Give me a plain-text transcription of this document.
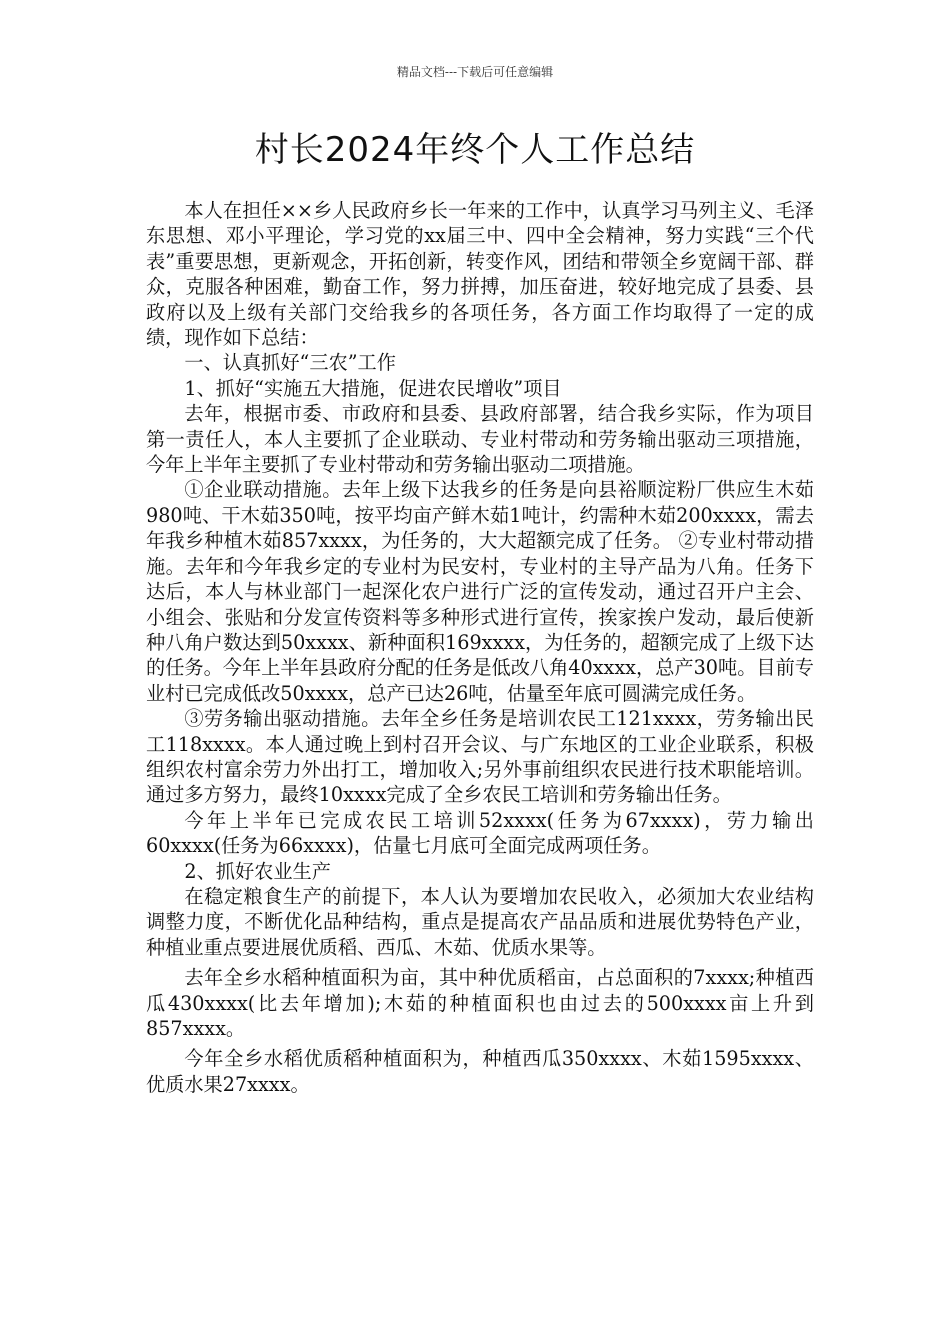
精品文档---下载后可任意编辑
村长2024年终个人工作总结

本人在担任××乡人民政府乡长一年来的工作中，认真学习马列主义、毛泽东思想、邓小平理论，学习党的xx届三中、四中全会精神，努力实践“三个代表”重要思想，更新观念，开拓创新，转变作风，团结和带领全乡宽阔干部、群众，克服各种困难，勤奋工作，努力拼搏，加压奋进，较好地完成了县委、县政府以及上级有关部门交给我乡的各项任务，各方面工作均取得了一定的成绩，现作如下总结：

一、认真抓好“三农”工作

1、抓好“实施五大措施，促进农民增收”项目

去年，根据市委、市政府和县委、县政府部署，结合我乡实际，作为项目第一责任人，本人主要抓了企业联动、专业村带动和劳务输出驱动三项措施，今年上半年主要抓了专业村带动和劳务输出驱动二项措施。

①企业联动措施。去年上级下达我乡的任务是向县裕顺淀粉厂供应生木茹980吨、干木茹350吨，按平均亩产鲜木茹1吨计，约需种木茹200xxxx，需去年我乡种植木茹857xxxx，为任务的，大大超额完成了任务。 ②专业村带动措施。去年和今年我乡定的专业村为民安村，专业村的主导产品为八角。任务下达后，本人与林业部门一起深化农户进行广泛的宣传发动，通过召开户主会、小组会、张贴和分发宣传资料等多种形式进行宣传，挨家挨户发动，最后使新种八角户数达到50xxxx、新种面积169xxxx，为任务的，超额完成了上级下达的任务。今年上半年县政府分配的任务是低改八角40xxxx，总产30吨。目前专业村已完成低改50xxxx，总产已达26吨，估量至年底可圆满完成任务。

③劳务输出驱动措施。去年全乡任务是培训农民工121xxxx，劳务输出民工118xxxx。本人通过晚上到村召开会议、与广东地区的工业企业联系，积极组织农村富余劳力外出打工，增加收入;另外事前组织农民进行技术职能培训。通过多方努力，最终10xxxx完成了全乡农民工培训和劳务输出任务。

今年上半年已完成农民工培训52xxxx(任务为67xxxx)，劳力输出60xxxx(任务为66xxxx)，估量七月底可全面完成两项任务。

2、抓好农业生产

在稳定粮食生产的前提下，本人认为要增加农民收入，必须加大农业结构调整力度，不断优化品种结构，重点是提高农产品品质和进展优势特色产业，种植业重点要进展优质稻、西瓜、木茹、优质水果等。

去年全乡水稻种植面积为亩，其中种优质稻亩，占总面积的7xxxx;种植西瓜430xxxx(比去年增加);木茹的种植面积也由过去的500xxxx亩上升到857xxxx。

今年全乡水稻优质稻种植面积为，种植西瓜350xxxx、木茹1595xxxx、优质水果27xxxx。
